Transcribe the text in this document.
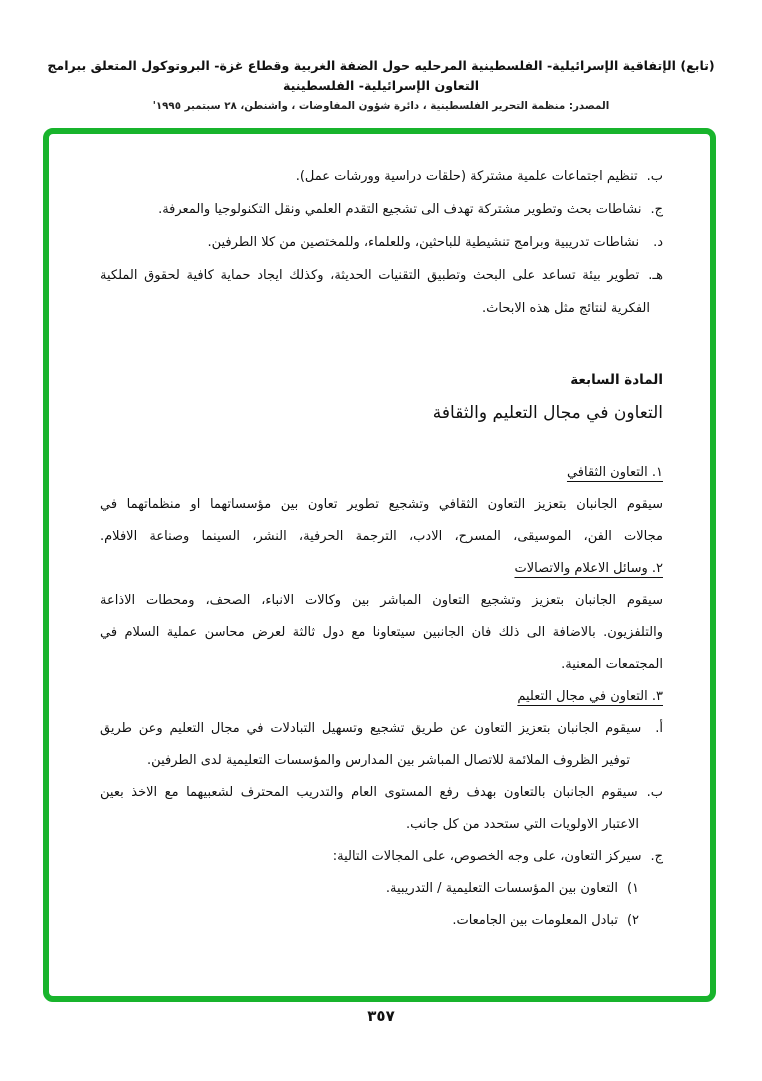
(تابع) الإتفاقية الإسرائيلية- الفلسطينية المرحليه حول الضفة الغربية وقطاع غزة- البروتوكول المتعلق ببرامج التعاون الإسرائيلية- الفلسطينية
المصدر: منظمة التحرير الفلسطينية ، دائرة شؤون المفاوضات ، واشنطن، ٢٨ سبتمبر ١٩٩٥'
ب.تنظيم اجتماعات علمية مشتركة (حلقات دراسية وورشات عمل).
ج.نشاطات بحث وتطوير مشتركة تهدف الى تشجيع التقدم العلمي ونقل التكنولوجيا والمعرفة.
د.نشاطات تدريبية وبرامج تنشيطية للباحثين، وللعلماء، وللمختصين من كلا الطرفين.
هـ.تطوير بيئة تساعد على البحث وتطبيق التقنيات الحديثة، وكذلك ايجاد حماية كافية لحقوق الملكية
الفكرية لنتائج مثل هذه الابحاث.
المادة السابعة
التعاون في مجال التعليم والثقافة
١. التعاون الثقافي
سيقوم الجانبان بتعزيز التعاون الثقافي وتشجيع تطوير تعاون بين مؤسساتهما او منظماتهما في
مجالات الفن، الموسيقى، المسرح، الادب، الترجمة الحرفية، النشر، السينما وصناعة الافلام.
٢. وسائل الاعلام والاتصالات
سيقوم الجانبان بتعزيز وتشجيع التعاون المباشر بين وكالات الانباء، الصحف، ومحطات الاذاعة
والتلفزيون. بالاضافة الى ذلك فان الجانبين سيتعاونا مع دول ثالثة لعرض محاسن عملية السلام في
المجتمعات المعنية.
٣. التعاون في مجال التعليم
أ.سيقوم الجانبان بتعزيز التعاون عن طريق تشجيع وتسهيل التبادلات في مجال التعليم وعن طريق
توفير الظروف الملائمة للاتصال المباشر بين المدارس والمؤسسات التعليمية لدى الطرفين.
ب.سيقوم الجانبان بالتعاون بهدف رفع المستوى العام والتدريب المحترف لشعبيهما مع الاخذ بعين
الاعتبار الاولويات التي ستحدد من كل جانب.
ج.سيركز التعاون، على وجه الخصوص، على المجالات التالية:
١)التعاون بين المؤسسات التعليمية / التدريبية.
٢)تبادل المعلومات بين الجامعات.
٣٥٧
